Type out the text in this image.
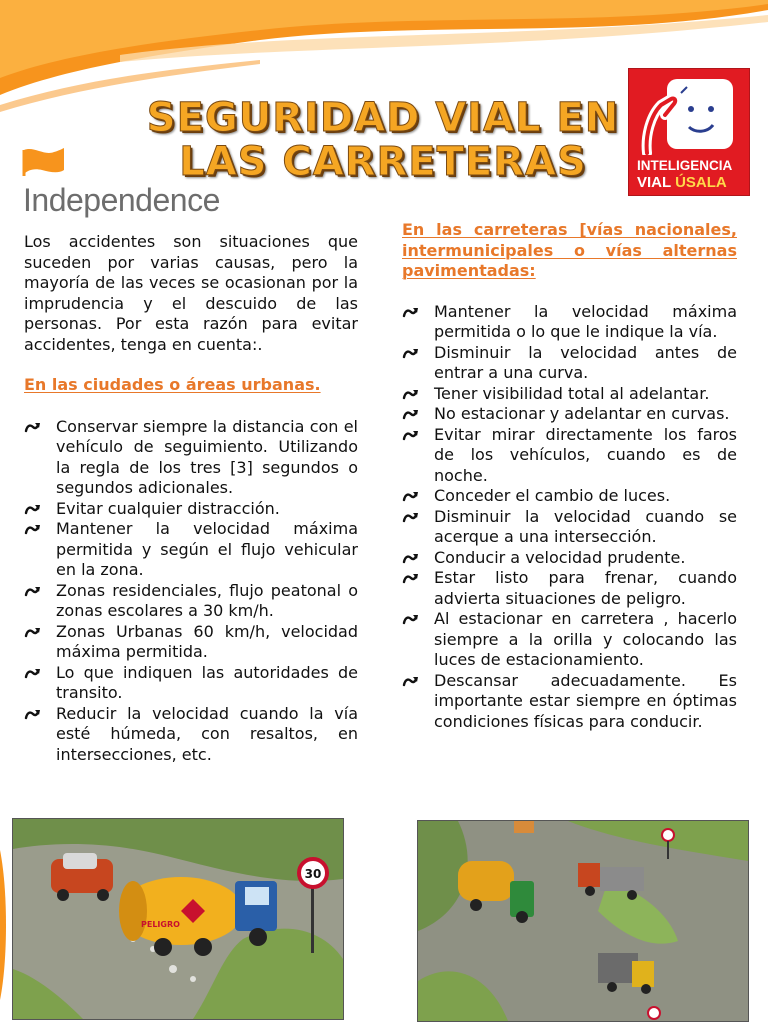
SEGURIDAD VIAL EN
LAS CARRETERAS
Independence
INTELIGENCIA
VIAL ÚSALA

Los accidentes son situaciones que suceden por varias causas, pero la mayoría de las veces se ocasionan por la imprudencia y el descuido de las personas. Por esta razón para evitar accidentes, tenga en cuenta:.

En las ciudades o áreas urbanas.

Conservar siempre la distancia con el vehículo de seguimiento. Utilizando la regla de los tres [3] segundos o segundos adicionales.
Evitar cualquier distracción.
Mantener la velocidad máxima permitida y según el flujo vehicular en la zona.
Zonas residenciales, flujo peatonal o zonas escolares a 30 km/h.
Zonas Urbanas 60 km/h, velocidad máxima permitida.
Lo que indiquen las autoridades de transito.
Reducir la velocidad cuando la vía esté húmeda, con resaltos, en intersecciones, etc.

En las carreteras [vías nacionales, intermunicipales o vías alternas pavimentadas:

Mantener la velocidad máxima permitida o lo que le indique la vía.
Disminuir la velocidad antes de entrar a una curva.
Tener visibilidad total al adelantar.
No estacionar y adelantar en curvas.
Evitar mirar directamente los faros de los vehículos, cuando es de noche.
Conceder el cambio de luces.
Disminuir la velocidad cuando se acerque a una intersección.
Conducir a velocidad prudente.
Estar listo para frenar, cuando advierta situaciones de peligro.
Al estacionar en carretera , hacerlo siempre a la orilla y colocando las luces de estacionamiento.
Descansar adecuadamente. Es importante estar siempre en óptimas condiciones físicas para conducir.
PELIGRO
30
